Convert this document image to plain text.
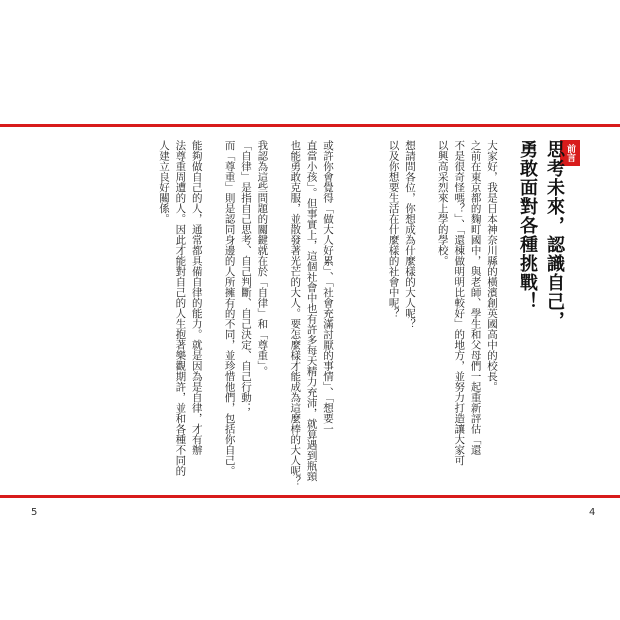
前言
思考未來，認識自己，
勇敢面對各種挑戰！
大家好，我是日本神奈川縣的橫濱創英國高中的校長。
之前在東京都的麴町國中，與老師、學生和父母們一起重新評估「還
不是很奇怪嗎？」、「還棟做明明比較好」的地方，並努力打造讓大家可
以興高采烈來上學的學校。
想請問各位，你想成為什麼樣的大人呢？
以及你想要生活在什麼樣的社會中呢？
或許你會覺得「做大人好累」、「社會充滿討厭的事情」、「想要一
直當小孩」。但事實上，這個社會中也有許多每天精力充沛，就算遇到瓶頸
也能勇敢克服，並散發著光芒的大人。要怎麼樣才能成為這麼棒的大人呢？
我認為這些問題的關鍵就在於「自律」和「尊重」。
「自律」是指自己思考、自己判斷、自己決定、自己行動；
而「尊重」則是認同身邊的人所擁有的不同，並珍惜他們，包括你自己。
能夠做自己的人，通常都具備自律的能力。就是因為是自律，才有辦
法尊重周遭的人。因此才能對自己的人生抱著樂觀期許，並和各種不同的
人建立良好關係。
5	4
